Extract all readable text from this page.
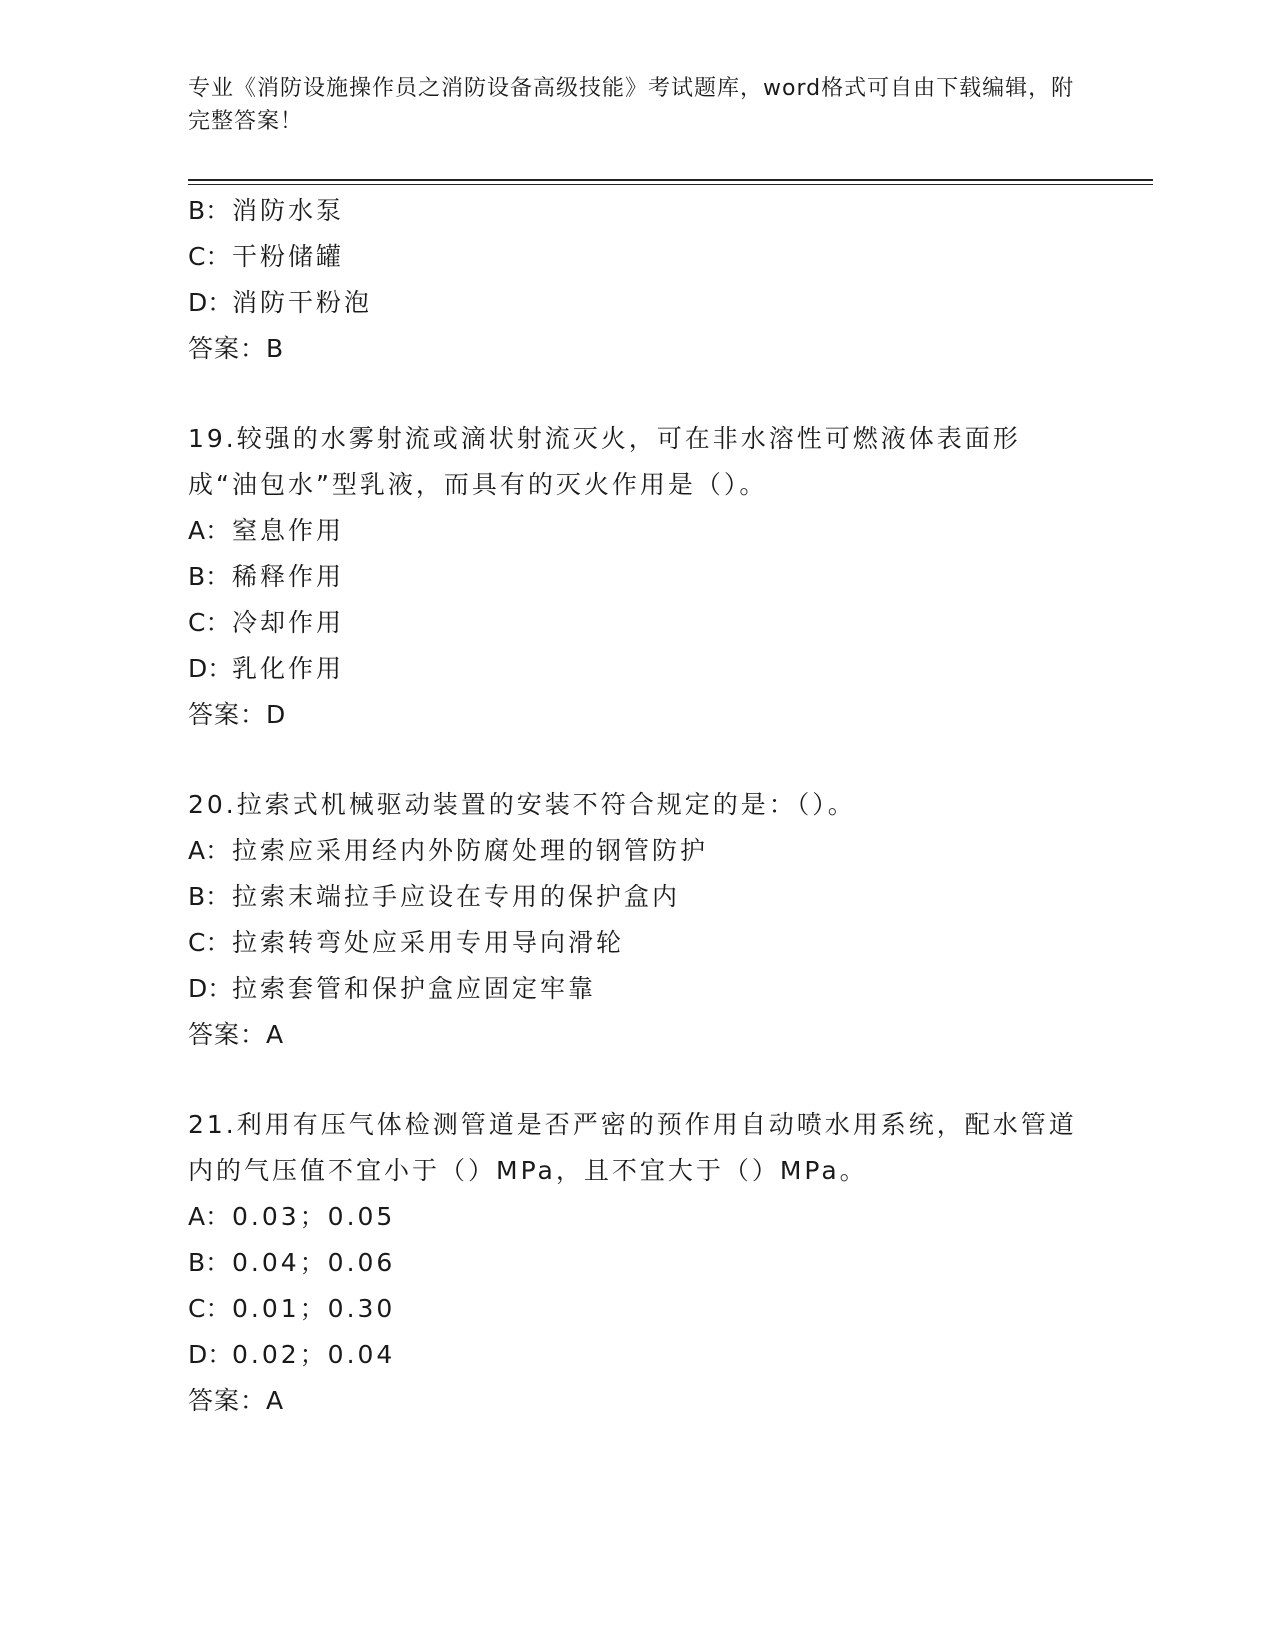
专业《消防设施操作员之消防设备高级技能》考试题库，word格式可自由下载编辑，附完整答案！
B：消防水泵
C：干粉储罐
D：消防干粉泡
答案：B
19.较强的水雾射流或滴状射流灭火，可在非水溶性可燃液体表面形成“油包水”型乳液，而具有的灭火作用是（）。
A：窒息作用
B：稀释作用
C：冷却作用
D：乳化作用
答案：D
20.拉索式机械驱动装置的安装不符合规定的是：（）。
A：拉索应采用经内外防腐处理的钢管防护
B：拉索末端拉手应设在专用的保护盒内
C：拉索转弯处应采用专用导向滑轮
D：拉索套管和保护盒应固定牢靠
答案：A
21.利用有压气体检测管道是否严密的预作用自动喷水用系统，配水管道内的气压值不宜小于（）MPa，且不宜大于（）MPa。
A：0.03；0.05
B：0.04；0.06
C：0.01；0.30
D：0.02；0.04
答案：A
